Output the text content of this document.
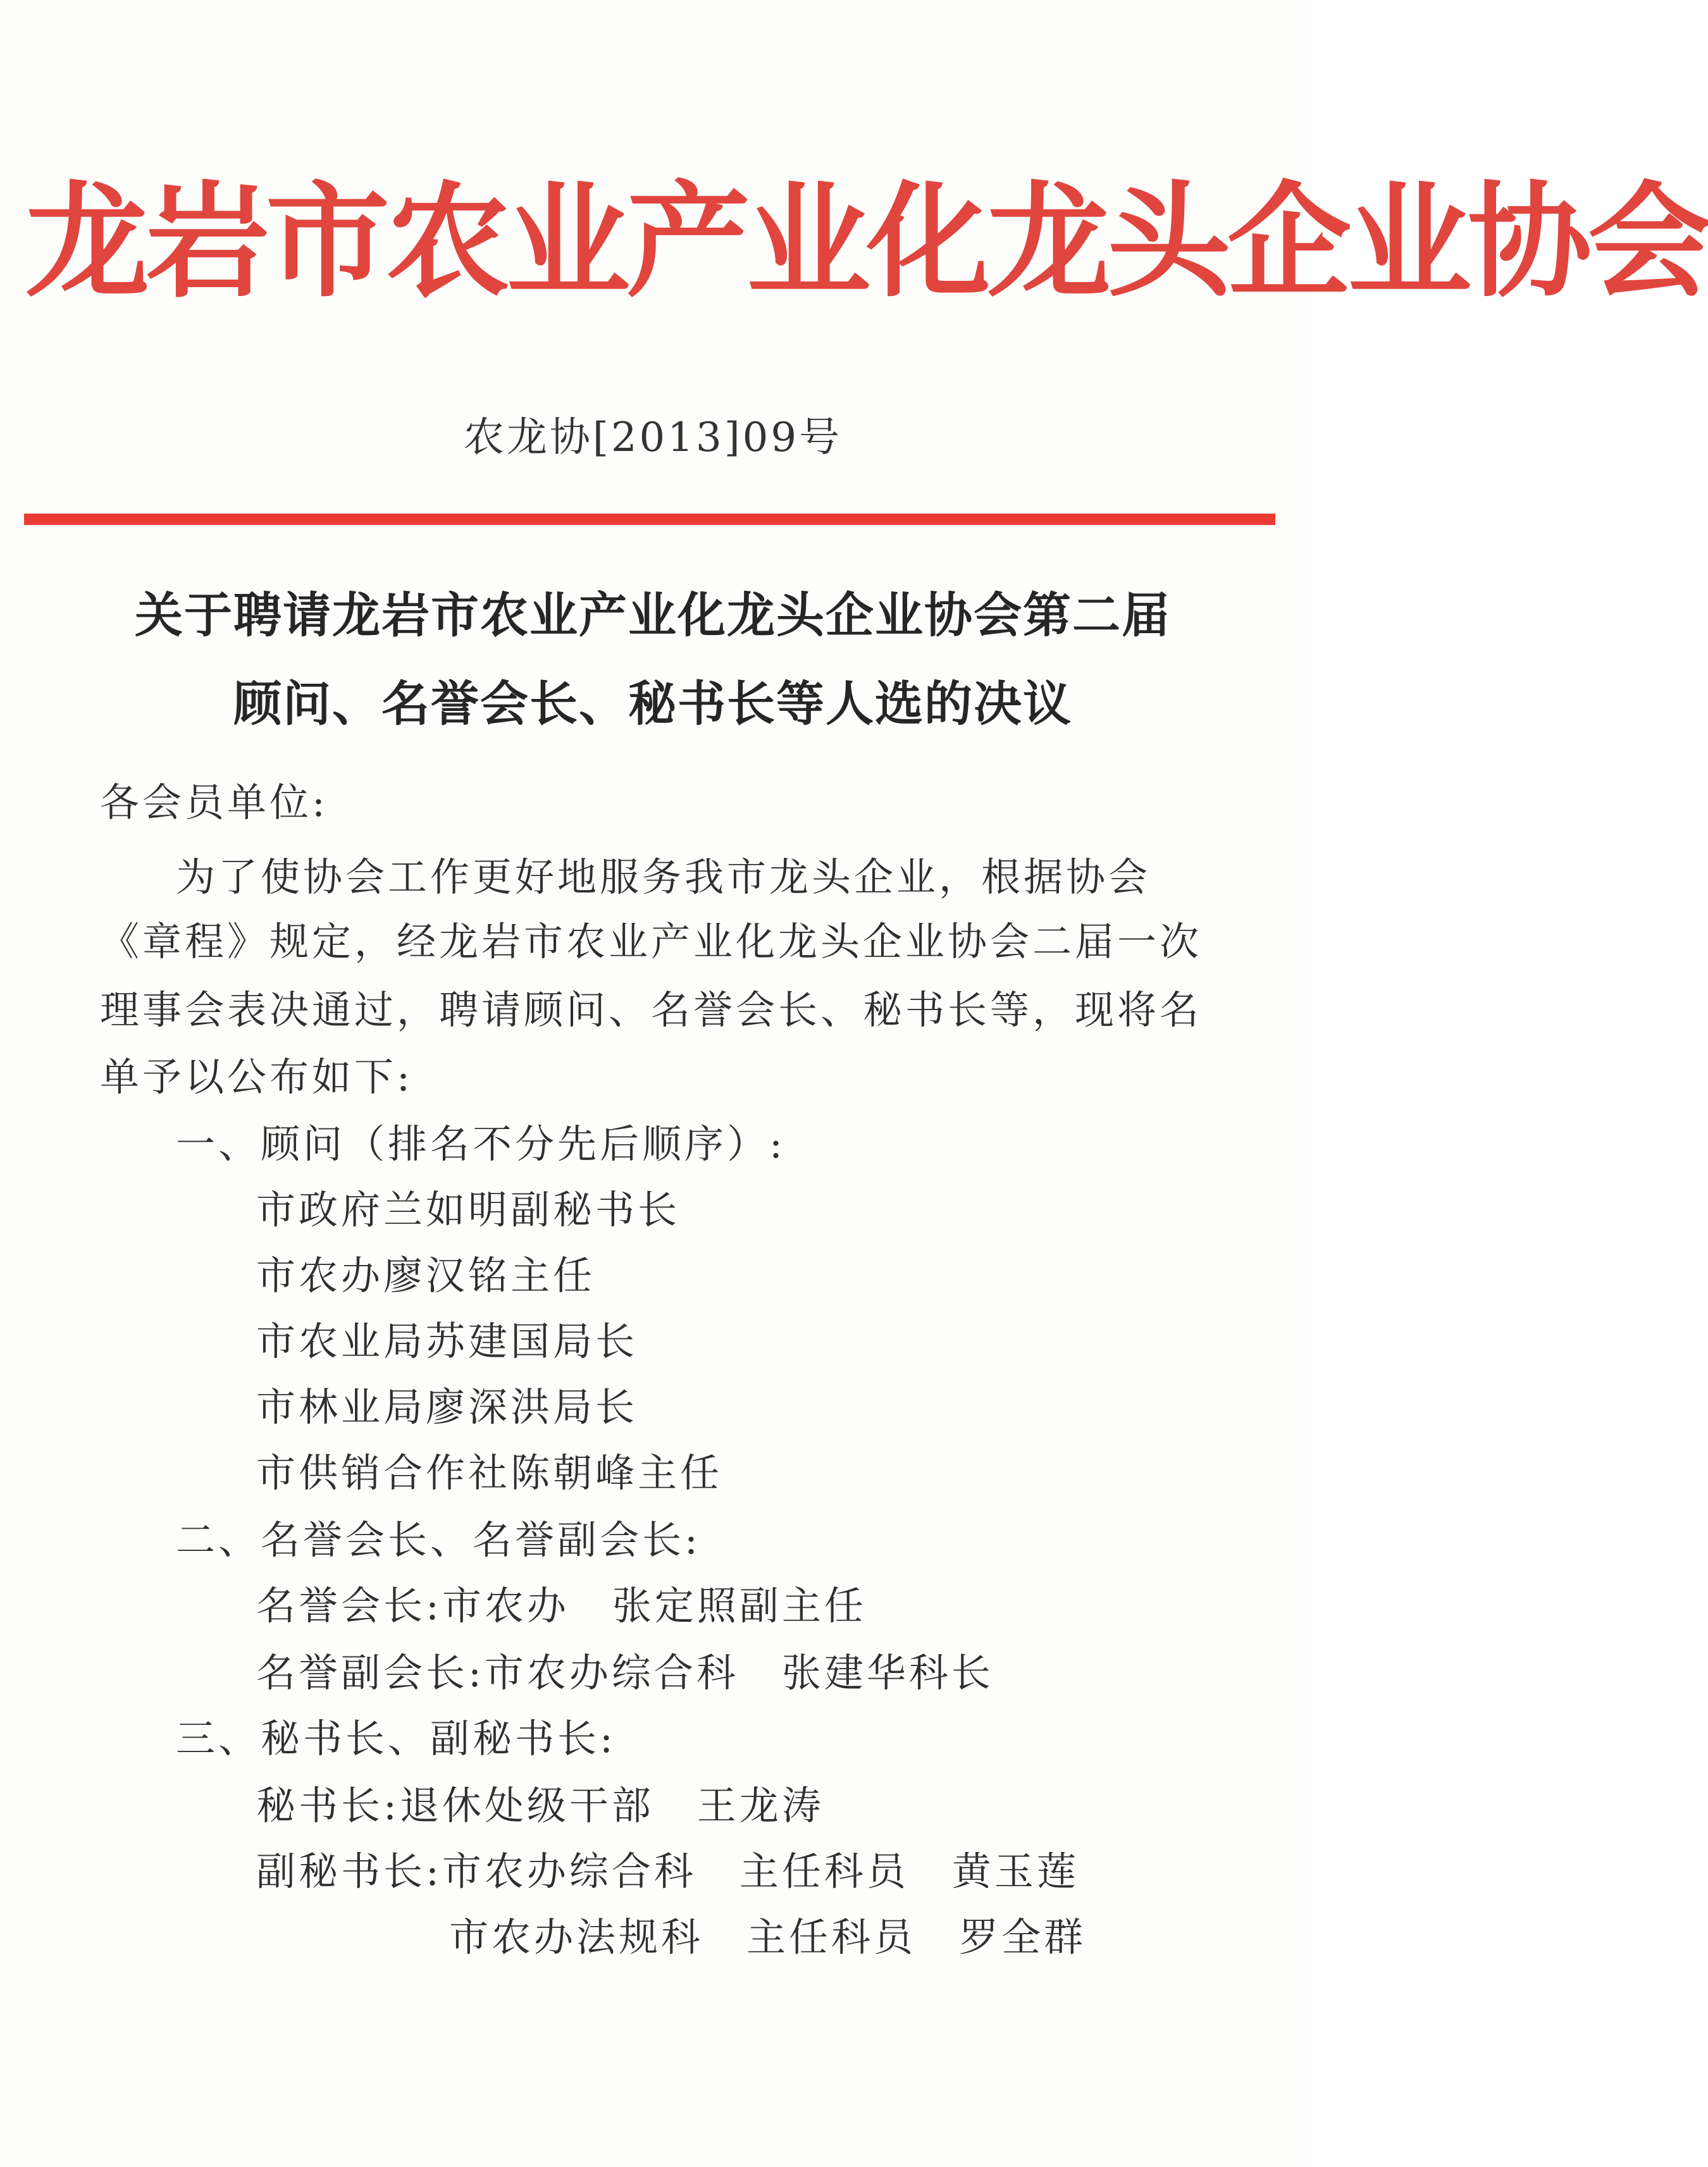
龙岩市农业产业化龙头企业协会
农龙协[2013]09号
关于聘请龙岩市农业产业化龙头企业协会第二届
顾问、名誉会长、秘书长等人选的决议
各会员单位:
为了使协会工作更好地服务我市龙头企业，根据协会
《章程》规定，经龙岩市农业产业化龙头企业协会二届一次
理事会表决通过，聘请顾问、名誉会长、秘书长等，现将名
单予以公布如下:
一、顾问（排名不分先后顺序）:
市政府兰如明副秘书长
市农办廖汉铭主任
市农业局苏建国局长
市林业局廖深洪局长
市供销合作社陈朝峰主任
二、名誉会长、名誉副会长:
名誉会长:市农办 张定照副主任
名誉副会长:市农办综合科 张建华科长
三、秘书长、副秘书长:
秘书长:退休处级干部 王龙涛
副秘书长:市农办综合科 主任科员 黄玉莲
市农办法规科 主任科员 罗全群
